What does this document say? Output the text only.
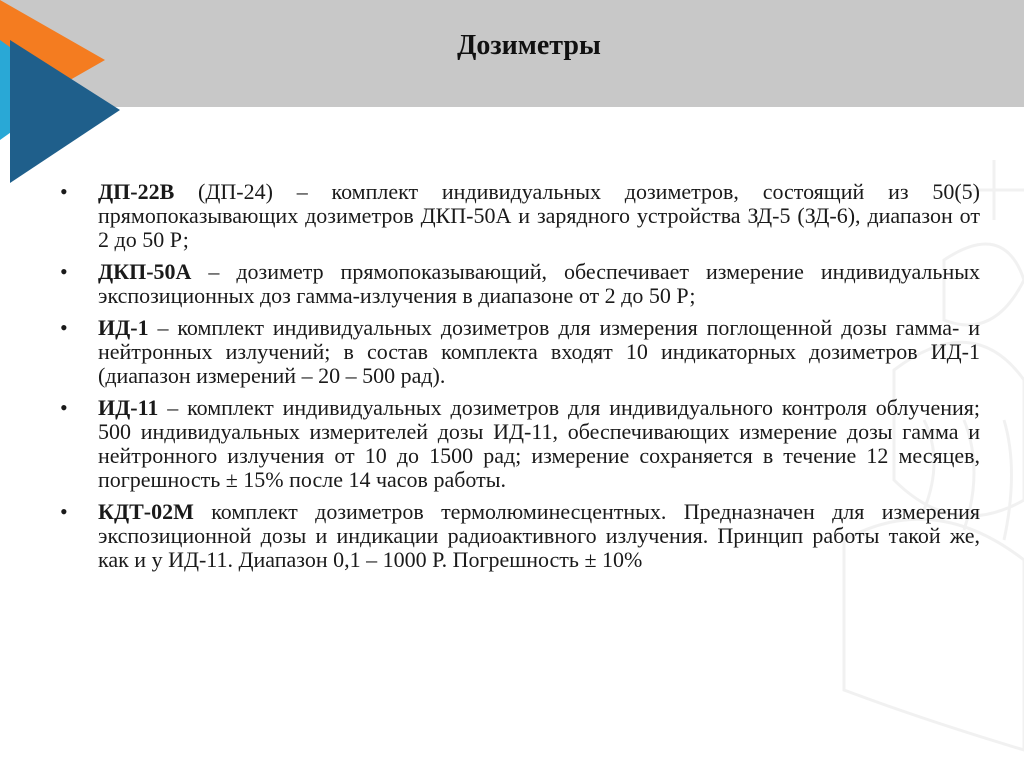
Дозиметры
• ДП-22В (ДП-24) – комплект индивидуальных дозиметров, состоящий из 50(5) прямопоказывающих дозиметров ДКП-50А и зарядного устройства ЗД-5 (ЗД-6), диапазон от 2 до 50 Р;
• ДКП-50А – дозиметр прямопоказывающий, обеспечивает измерение индивидуальных экспозиционных доз гамма-излучения в диапазоне от 2 до 50 Р;
• ИД-1 – комплект индивидуальных дозиметров для измерения поглощенной дозы гамма- и нейтронных излучений; в состав комплекта входят 10 индикаторных дозиметров ИД-1 (диапазон измерений – 20 – 500 рад).
• ИД-11 – комплект индивидуальных дозиметров для индивидуального контроля облучения; 500 индивидуальных измерителей дозы ИД-11, обеспечивающих измерение дозы гамма и нейтронного излучения от 10 до 1500 рад; измерение сохраняется в течение 12 месяцев, погрешность ± 15% после 14 часов работы.
• КДТ-02М комплект дозиметров термолюминесцентных. Предназначен для измерения экспозиционной дозы и индикации радиоактивного излучения. Принцип работы такой же, как и у ИД-11. Диапазон 0,1 – 1000 Р. Погрешность ± 10%
